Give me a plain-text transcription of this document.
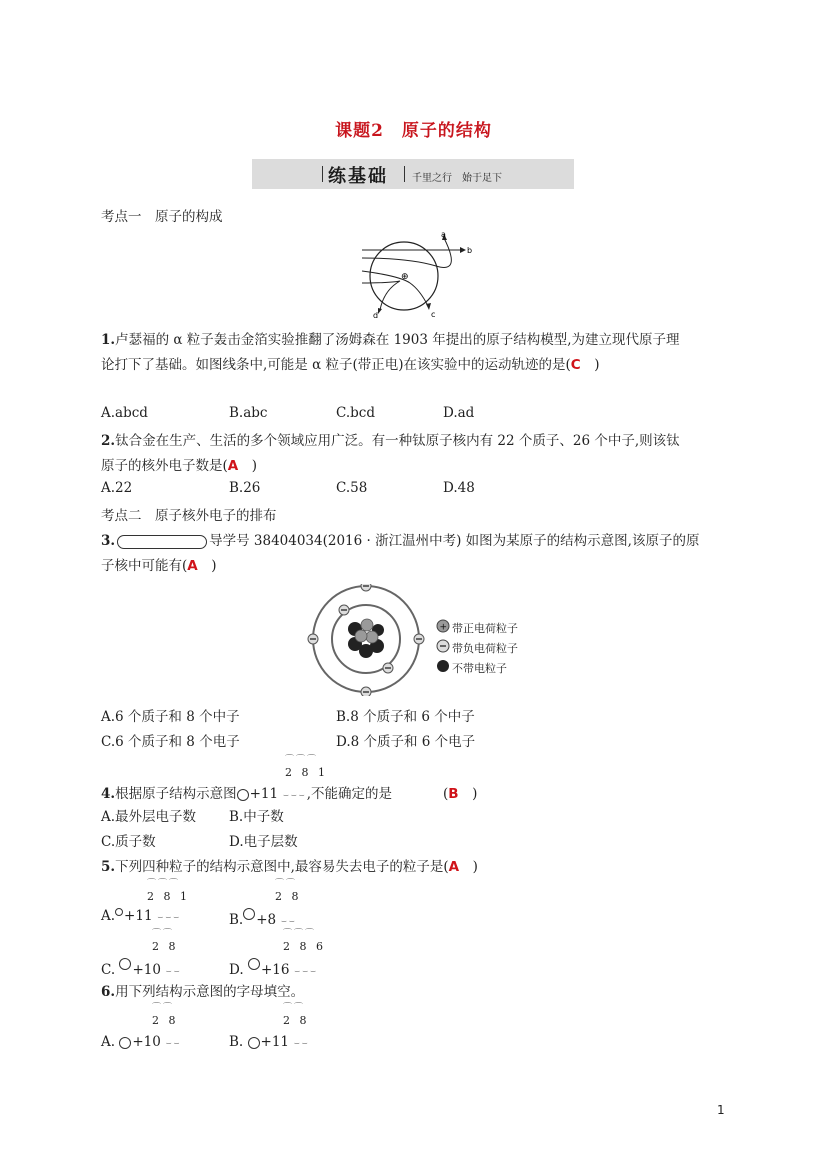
课题2　原子的结构
练基础 千里之行　始于足下
考点一　原子的构成
⊕
a
b
c
d
1.卢瑟福的 α 粒子轰击金箔实验推翻了汤姆森在 1903 年提出的原子结构模型,为建立现代原子理
论打下了基础。如图线条中,可能是 α 粒子(带正电)在该实验中的运动轨迹的是(C　)
A.abcd	B.abc	C.bcd	D.ad
2.钛合金在生产、生活的多个领域应用广泛。有一种钛原子核内有 22 个质子、26 个中子,则该钛
原子的核外电子数是(A　)
A.22	B.26	C.58	D.48
考点二　原子核外电子的排布
3.	导学号 38404034(2016 · 浙江温州中考) 如图为某原子的结构示意图,该原子的原
子核中可能有(A　)
+ 带正电荷粒子
带负电荷粒子
不带电粒子
A.6 个质子和 8 个中子	B.8 个质子和 6 个中子
C.6 个质子和 8 个电子	D.8 个质子和 6 个电子
⌒⌒⌒
2 8 1
4.根据原子结构示意图 +11 ⌣⌣⌣,不能确定的是	(B　)
A.最外层电子数 B.中子数
C.质子数	D.电子层数
5.下列四种粒子的结构示意图中,最容易失去电子的粒子是(A　)
⌒⌒⌒
2 8 1
A. +11 ⌣⌣⌣
⌒⌒
2 8
B. +8 ⌣⌣
⌒⌒
2 8
C. +10 ⌣⌣
⌒⌒⌒
2 8 6
D. +16 ⌣⌣⌣
6.用下列结构示意图的字母填空。
⌒⌒
2 8
A. +10 ⌣⌣
⌒⌒
2 8
B. +11 ⌣⌣
1
